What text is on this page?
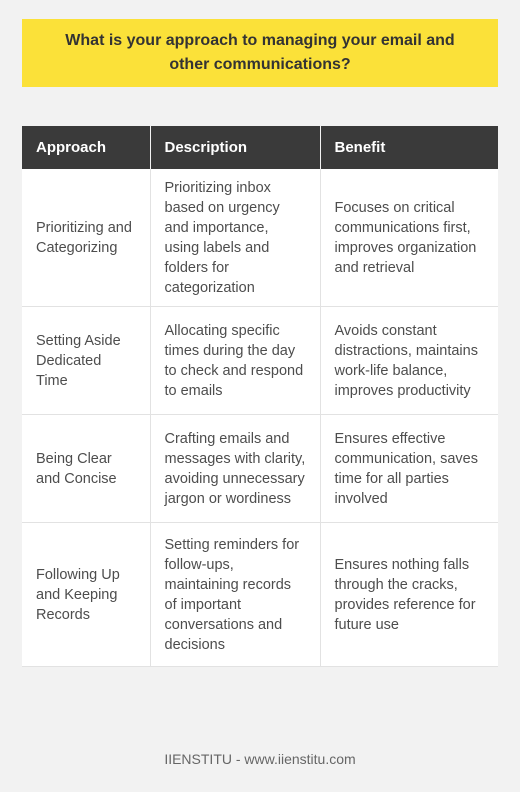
What is your approach to managing your email and other communications?
Approach	Description	Benefit
Prioritizing and Categorizing	Prioritizing inbox based on urgency and importance, using labels and folders for categorization	Focuses on critical communications first, improves organization and retrieval
Setting Aside Dedicated Time	Allocating specific times during the day to check and respond to emails	Avoids constant distractions, maintains work-life balance, improves productivity
Being Clear and Concise	Crafting emails and messages with clarity, avoiding unnecessary jargon or wordiness	Ensures effective communication, saves time for all parties involved
Following Up and Keeping Records	Setting reminders for follow-ups, maintaining records of important conversations and decisions	Ensures nothing falls through the cracks, provides reference for future use
IIENSTITU - www.iienstitu.com
